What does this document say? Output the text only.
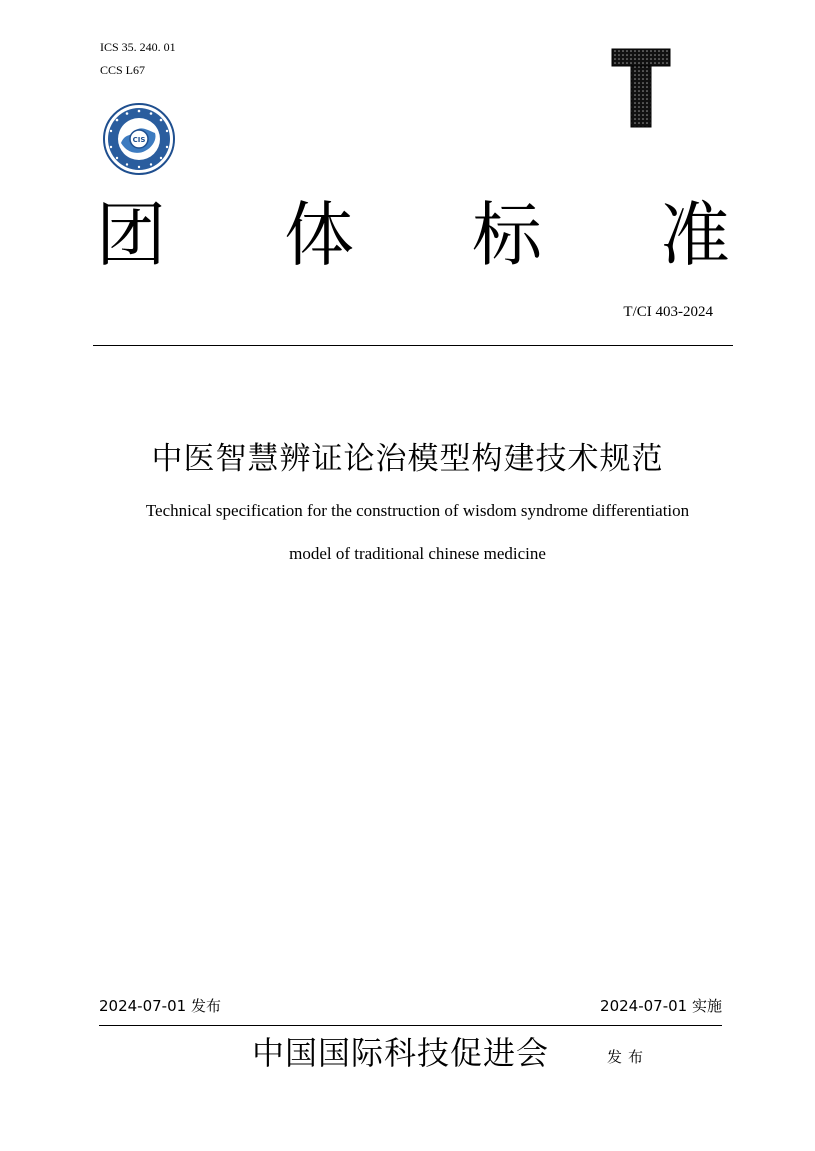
ICS 35. 240. 01
CCS L67
CIS
团 体 标 准
T/CI 403-2024
中医智慧辨证论治模型构建技术规范
Technical specification for the construction of wisdom syndrome differentiation
model of traditional chinese medicine
2024-07-01 发布	2024-07-01 实施
中国国际科技促进会	发布
